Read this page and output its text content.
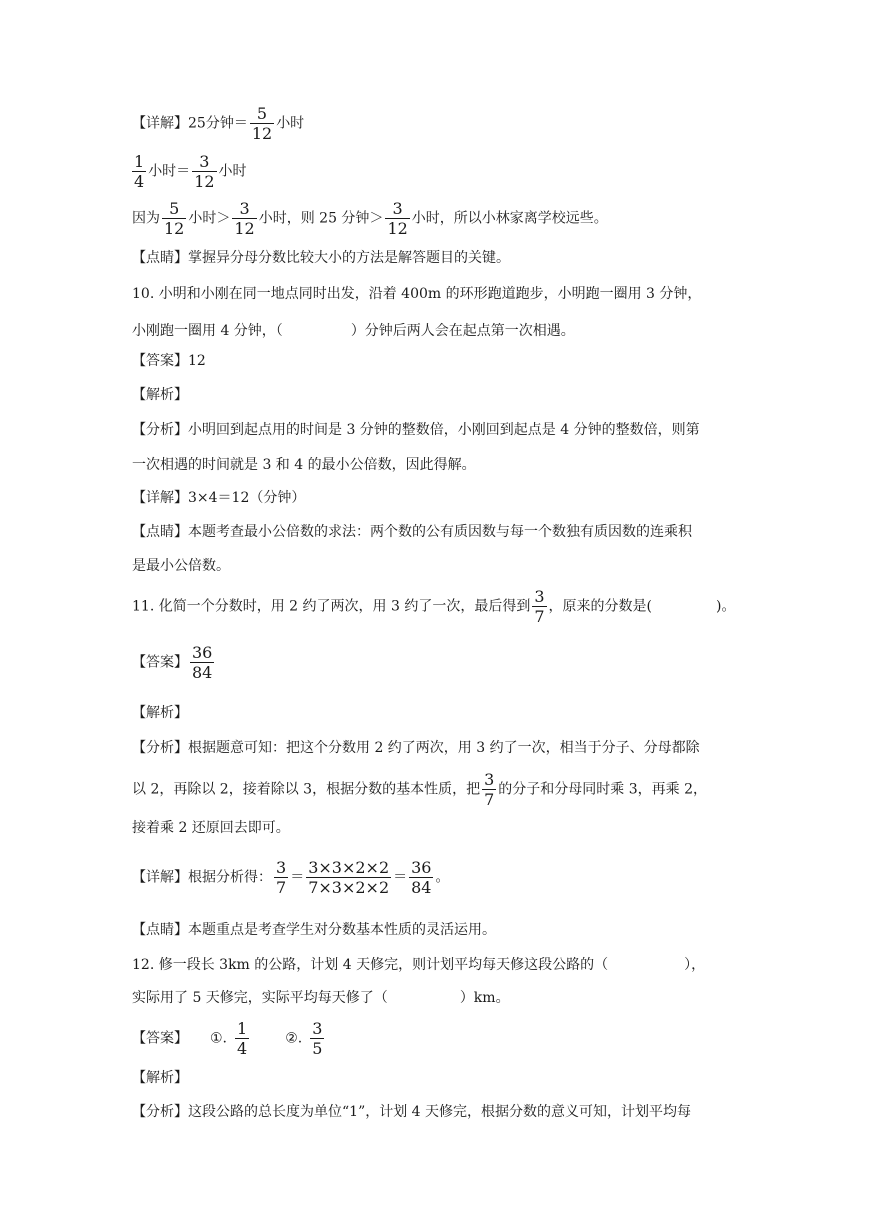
【详解】25分钟＝ $\frac{5}{12}$ 小时
$\frac{1}{4}$ 小时＝ $\frac{3}{12}$ 小时
因为 $\frac{5}{12}$ 小时＞ $\frac{3}{12}$ 小时，则 25 分钟＞ $\frac{3}{12}$ 小时，所以小林家离学校远些。
【点睛】掌握异分母分数比较大小的方法是解答题目的关键。
10. 小明和小刚在同一地点同时出发，沿着 400m 的环形跑道跑步，小明跑一圈用 3 分钟，
小刚跑一圈用 4 分钟，（	）分钟后两人会在起点第一次相遇。
【答案】12
【解析】
【分析】小明回到起点用的时间是 3 分钟的整数倍，小刚回到起点是 4 分钟的整数倍，则第
一次相遇的时间就是 3 和 4 的最小公倍数，因此得解。
【详解】3×4＝12（分钟）
【点睛】本题考查最小公倍数的求法：两个数的公有质因数与每一个数独有质因数的连乘积
是最小公倍数。
11. 化简一个分数时，用 2 约了两次，用 3 约了一次，最后得到 $\frac{3}{7}$ ，原来的分数是(	)。
【答案】 $\frac{36}{84}$
【解析】
【分析】根据题意可知：把这个分数用 2 约了两次，用 3 约了一次，相当于分子、分母都除
以 2，再除以 2，接着除以 3，根据分数的基本性质，把 $\frac{3}{7}$ 的分子和分母同时乘 3，再乘 2，
接着乘 2 还原回去即可。
【详解】根据分析得： $\frac{3}{7} = \frac{3\times 3\times 2\times 2}{7\times 3\times 2\times 2} = \frac{36}{84}$ 。
【点睛】本题重点是考查学生对分数基本性质的灵活运用。
12. 修一段长 3km 的公路，计划 4 天修完，则计划平均每天修这段公路的（	），
实际用了 5 天修完，实际平均每天修了（	）km。
【答案】 ①. $\frac{1}{4}$	②. $\frac{3}{5}$
【解析】
【分析】这段公路的总长度为单位“1”，计划 4 天修完，根据分数的意义可知，计划平均每
